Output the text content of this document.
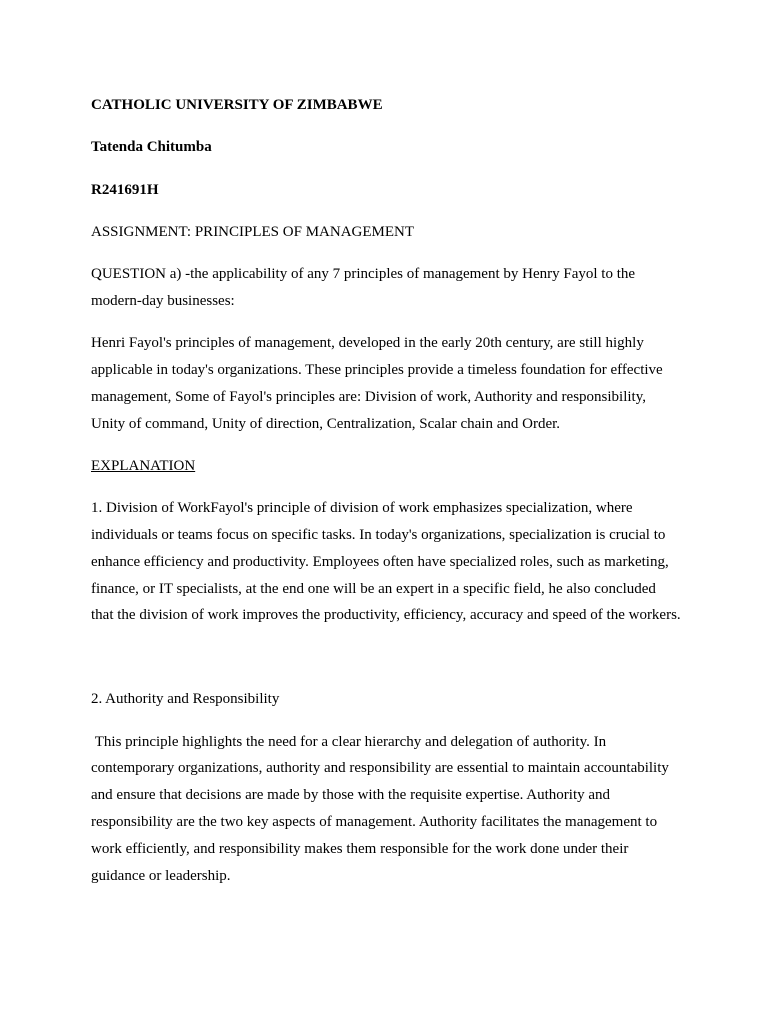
CATHOLIC UNIVERSITY OF ZIMBABWE

Tatenda Chitumba

R241691H

ASSIGNMENT: PRINCIPLES OF MANAGEMENT

QUESTION a) -the applicability of any 7 principles of management by Henry Fayol to the modern-day businesses:

Henri Fayol's principles of management, developed in the early 20th century, are still highly applicable in today's organizations. These principles provide a timeless foundation for effective management, Some of Fayol's principles are: Division of work, Authority and responsibility, Unity of command, Unity of direction, Centralization, Scalar chain and Order.

EXPLANATION

1. Division of WorkFayol's principle of division of work emphasizes specialization, where individuals or teams focus on specific tasks. In today's organizations, specialization is crucial to enhance efficiency and productivity. Employees often have specialized roles, such as marketing, finance, or IT specialists, at the end one will be an expert in a specific field, he also concluded that the division of work improves the productivity, efficiency, accuracy and speed of the workers.

2. Authority and Responsibility

This principle highlights the need for a clear hierarchy and delegation of authority. In contemporary organizations, authority and responsibility are essential to maintain accountability and ensure that decisions are made by those with the requisite expertise. Authority and responsibility are the two key aspects of management. Authority facilitates the management to work efficiently, and responsibility makes them responsible for the work done under their guidance or leadership.
